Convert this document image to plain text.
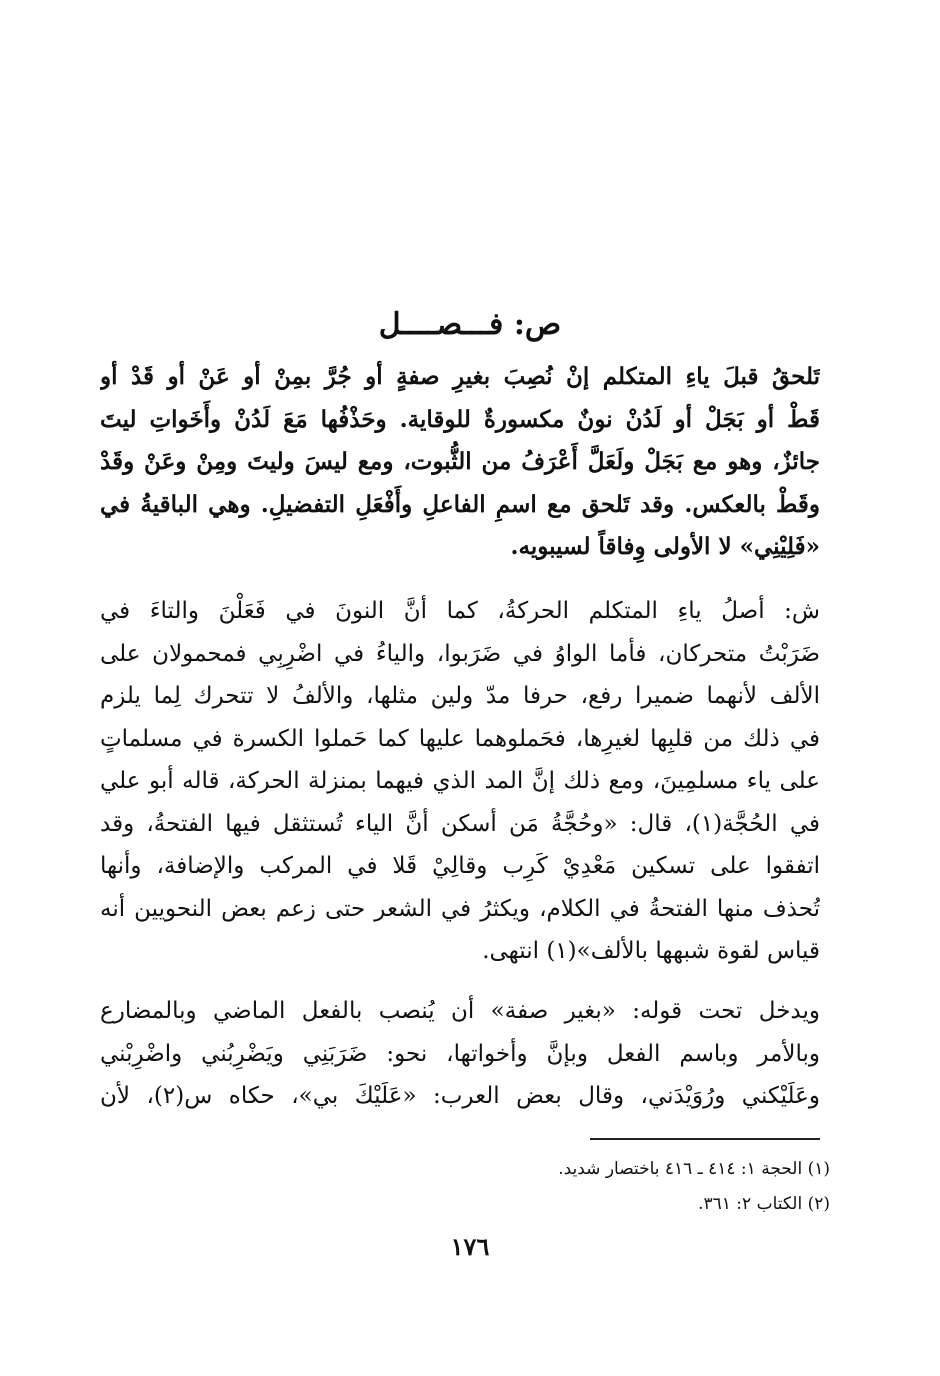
ص: فـــصــــل
تَلحقُ قبلَ ياءِ المتكلم إنْ نُصِبَ بغيرِ صفةٍ أو جُرَّ بمِنْ أو عَنْ أو قَدْ أو
قَطْ أو بَجَلْ أو لَدُنْ نونٌ مكسورةٌ للوقاية. وحَذْفُها مَعَ لَدُنْ وأَخَواتِ ليتَ
جائزٌ، وهو مع بَجَلْ ولَعَلَّ أَعْرَفُ من الثُّبوت، ومع ليسَ وليتَ ومِنْ وعَنْ وقَدْ
وقَطْ بالعكس. وقد تَلحق مع اسمِ الفاعلِ وأَفْعَلِ التفضيلِ. وهي الباقيةُ في
«فَلِيْنِي» لا الأولى وِفاقاً لسيبويه.
ش: أصلُ ياءِ المتكلم الحركةُ، كما أنَّ النونَ في فَعَلْنَ والتاءَ في
ضَرَبْتُ متحركان، فأما الواوُ في ضَرَبوا، والياءُ في اضْرِبِي فمحمولان على
الألف لأنهما ضميرا رفع، حرفا مدّ ولين مثلها، والألفُ لا تتحرك لِما يلزم
في ذلك من قلبِها لغيرِها، فحَملوهما عليها كما حَملوا الكسرة في مسلماتٍ
على ياء مسلمِينَ، ومع ذلك إنَّ المد الذي فيهما بمنزلة الحركة، قاله أبو علي
في الحُجَّة(١)، قال: «وحُجَّةُ مَن أسكن أنَّ الياء تُستثقل فيها الفتحةُ، وقد
اتفقوا على تسكين مَعْدِيْ كَرِب وقالِيْ قَلا في المركب والإضافة، وأنها
تُحذف منها الفتحةُ في الكلام، ويكثرُ في الشعر حتى زعم بعض النحويين أنه
قياس لقوة شبهها بالألف»(١) انتهى.
ويدخل تحت قوله: «بغير صفة» أن يُنصب بالفعل الماضي وبالمضارع
وبالأمر وباسم الفعل وبإنَّ وأخواتها، نحو: ضَرَبَنِي ويَضْرِبُني واضْرِبْني
وعَلَيْكني ورُوَيْدَني، وقال بعض العرب: «عَلَيْكَ بي»، حكاه س(٢)، لأن
(١) الحجة ١: ٤١٤ ـ ٤١٦ باختصار شديد.
(٢) الكتاب ٢: ٣٦١.
١٧٦
